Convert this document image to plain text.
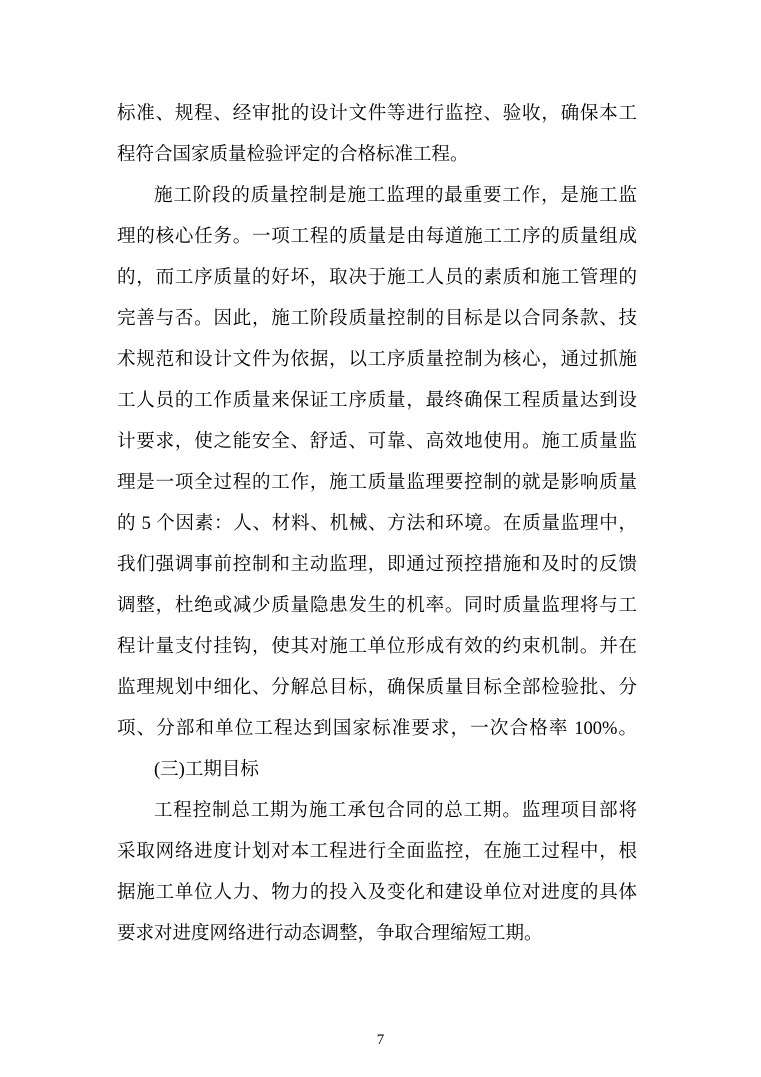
标准、规程、经审批的设计文件等进行监控、验收，确保本工
程符合国家质量检验评定的合格标准工程。
施工阶段的质量控制是施工监理的最重要工作，是施工监
理的核心任务。一项工程的质量是由每道施工工序的质量组成
的，而工序质量的好坏，取决于施工人员的素质和施工管理的
完善与否。因此，施工阶段质量控制的目标是以合同条款、技
术规范和设计文件为依据，以工序质量控制为核心，通过抓施
工人员的工作质量来保证工序质量，最终确保工程质量达到设
计要求，使之能安全、舒适、可靠、高效地使用。施工质量监
理是一项全过程的工作，施工质量监理要控制的就是影响质量
的 5 个因素：人、材料、机械、方法和环境。在质量监理中，
我们强调事前控制和主动监理，即通过预控措施和及时的反馈
调整，杜绝或减少质量隐患发生的机率。同时质量监理将与工
程计量支付挂钩，使其对施工单位形成有效的约束机制。并在
监理规划中细化、分解总目标，确保质量目标全部检验批、分
项、分部和单位工程达到国家标准要求，一次合格率 100%。
(三)工期目标
工程控制总工期为施工承包合同的总工期。监理项目部将
采取网络进度计划对本工程进行全面监控，在施工过程中，根
据施工单位人力、物力的投入及变化和建设单位对进度的具体
要求对进度网络进行动态调整，争取合理缩短工期。
7
